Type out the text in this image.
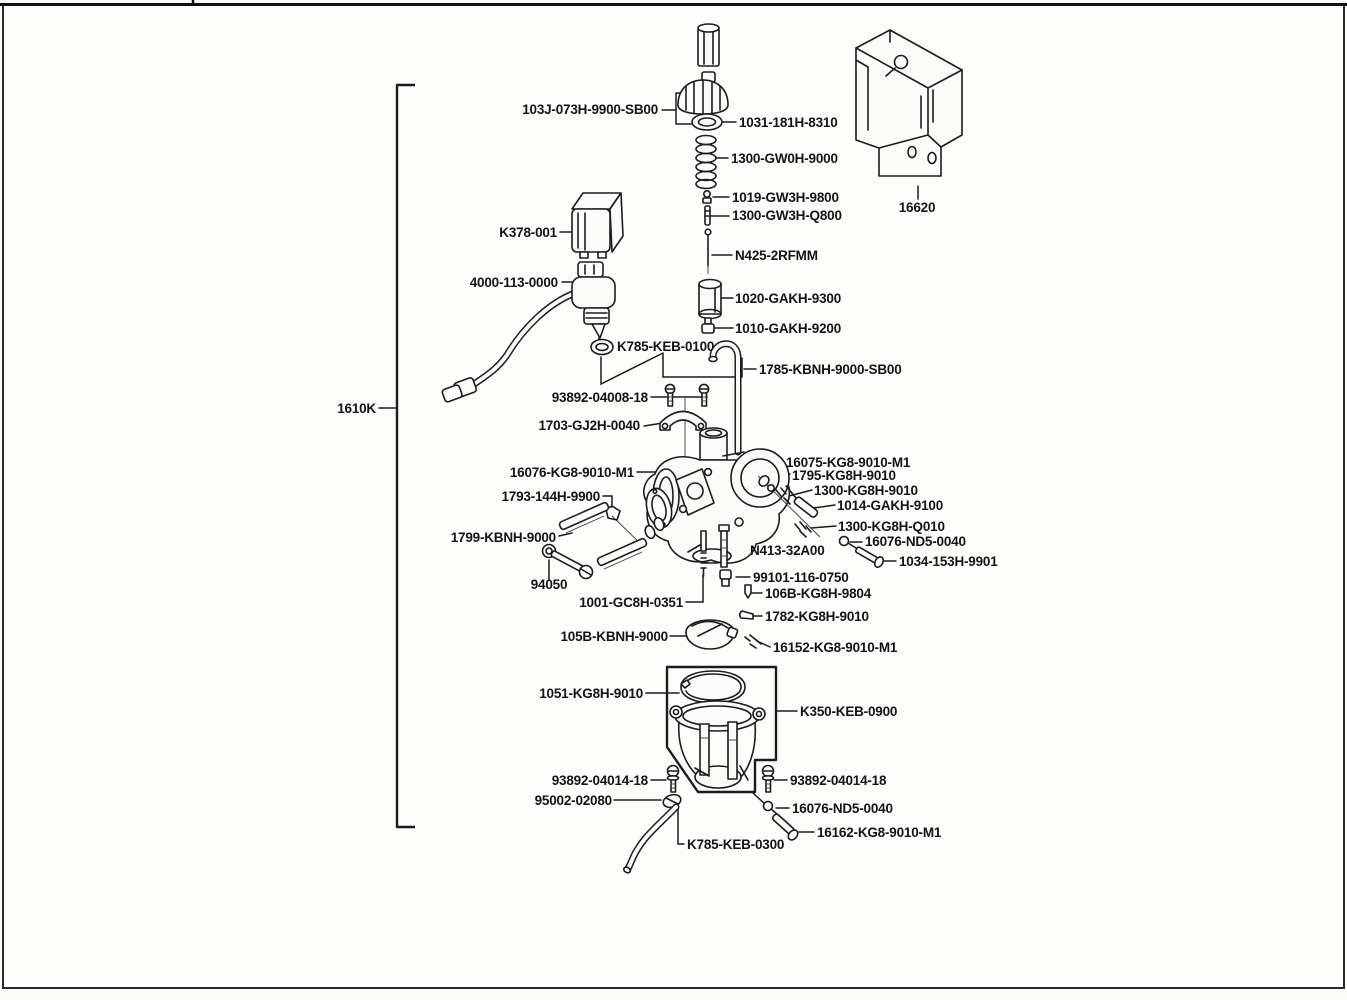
103J-073H-9900-SB00
1031-181H-8310
1300-GW0H-9000
1019-GW3H-9800
1300-GW3H-Q800
N425-2RFMM
K378-001
4000-113-0000
1020-GAKH-9300
1010-GAKH-9200
K785-KEB-0100
1785-KBNH-9000-SB00
93892-04008-18
1703-GJ2H-0040
1610K
16620
16076-KG8-9010-M1
1793-144H-9900
1799-KBNH-9000
94050
1001-GC8H-0351
16075-KG8-9010-M1
1795-KG8H-9010
1300-KG8H-9010
1014-GAKH-9100
1300-KG8H-Q010
16076-ND5-0040
1034-153H-9901
N413-32A00
99101-116-0750
106B-KG8H-9804
1782-KG8H-9010
105B-KBNH-9000
16152-KG8-9010-M1
1051-KG8H-9010
K350-KEB-0900
93892-04014-18	93892-04014-18
95002-02080
16076-ND5-0040
16162-KG8-9010-M1
K785-KEB-0300
